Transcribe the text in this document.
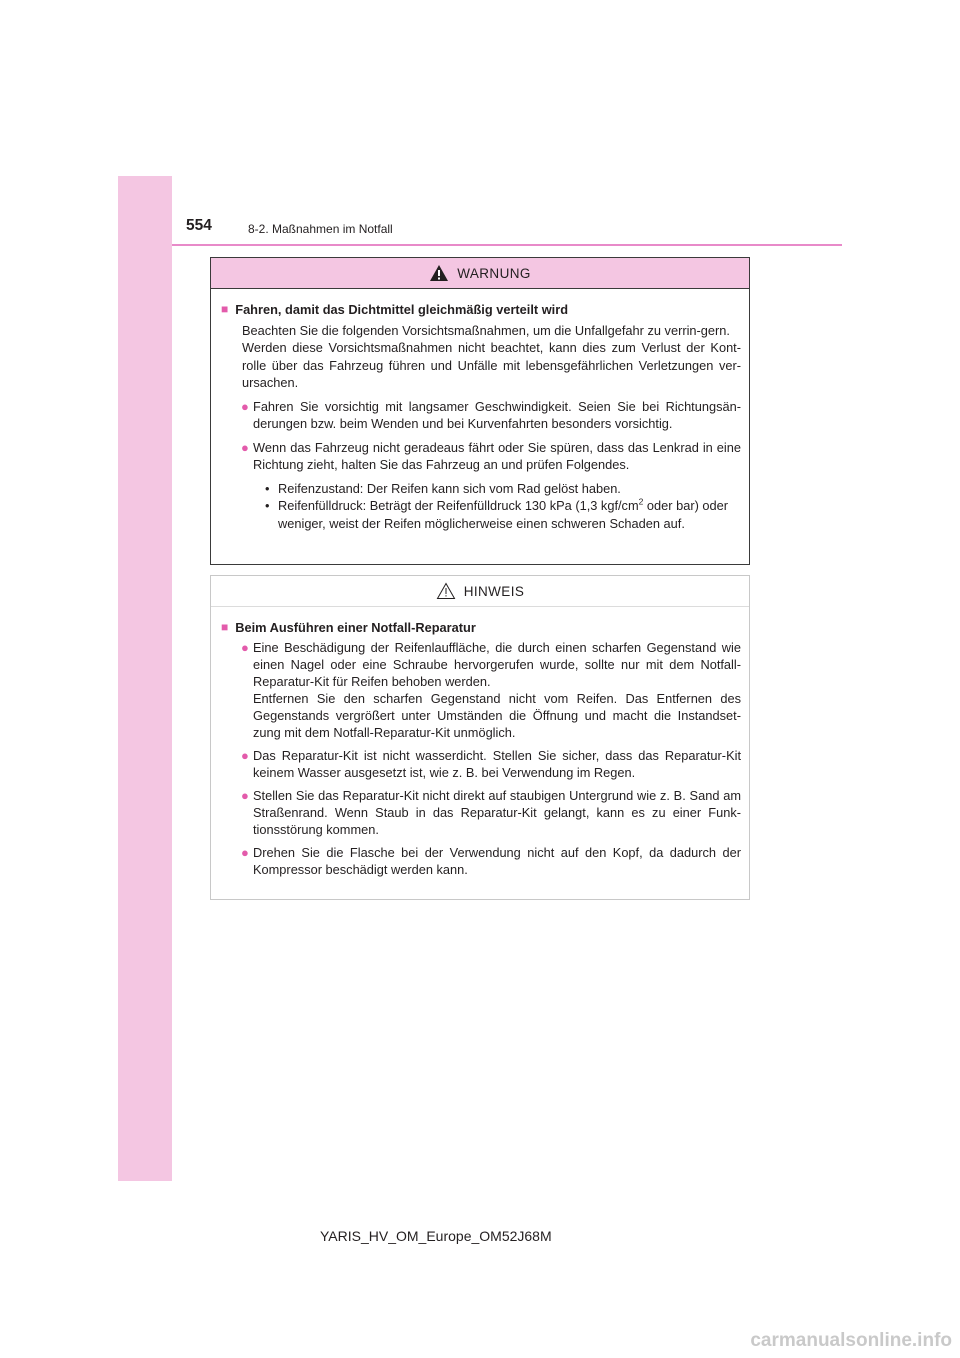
554	8-2. Maßnahmen im Notfall
WARNUNG
■ Fahren, damit das Dichtmittel gleichmäßig verteilt wird
Beachten Sie die folgenden Vorsichtsmaßnahmen, um die Unfallgefahr zu verrin-gern.
Werden diese Vorsichtsmaßnahmen nicht beachtet, kann dies zum Verlust der Kont-rolle über das Fahrzeug führen und Unfälle mit lebensgefährlichen Verletzungen ver-ursachen.
● Fahren Sie vorsichtig mit langsamer Geschwindigkeit. Seien Sie bei Richtungsän-derungen bzw. beim Wenden und bei Kurvenfahrten besonders vorsichtig.
● Wenn das Fahrzeug nicht geradeaus fährt oder Sie spüren, dass das Lenkrad in eine Richtung zieht, halten Sie das Fahrzeug an und prüfen Folgendes.
• Reifenzustand: Der Reifen kann sich vom Rad gelöst haben.
• Reifenfülldruck: Beträgt der Reifenfülldruck 130 kPa (1,3 kgf/$cm^2$ oder bar) oder weniger, weist der Reifen möglicherweise einen schweren Schaden auf.
HINWEIS
■ Beim Ausführen einer Notfall-Reparatur
● Eine Beschädigung der Reifenlauffläche, die durch einen scharfen Gegenstand wie einen Nagel oder eine Schraube hervorgerufen wurde, sollte nur mit dem Notfall-Reparatur-Kit für Reifen behoben werden.
Entfernen Sie den scharfen Gegenstand nicht vom Reifen. Das Entfernen des Gegenstands vergrößert unter Umständen die Öffnung und macht die Instandset-zung mit dem Notfall-Reparatur-Kit unmöglich.
● Das Reparatur-Kit ist nicht wasserdicht. Stellen Sie sicher, dass das Reparatur-Kit keinem Wasser ausgesetzt ist, wie z. B. bei Verwendung im Regen.
● Stellen Sie das Reparatur-Kit nicht direkt auf staubigen Untergrund wie z. B. Sand am Straßenrand. Wenn Staub in das Reparatur-Kit gelangt, kann es zu einer Funk-tionsstörung kommen.
● Drehen Sie die Flasche bei der Verwendung nicht auf den Kopf, da dadurch der Kompressor beschädigt werden kann.
YARIS_HV_OM_Europe_OM52J68M
carmanualsonline.info
